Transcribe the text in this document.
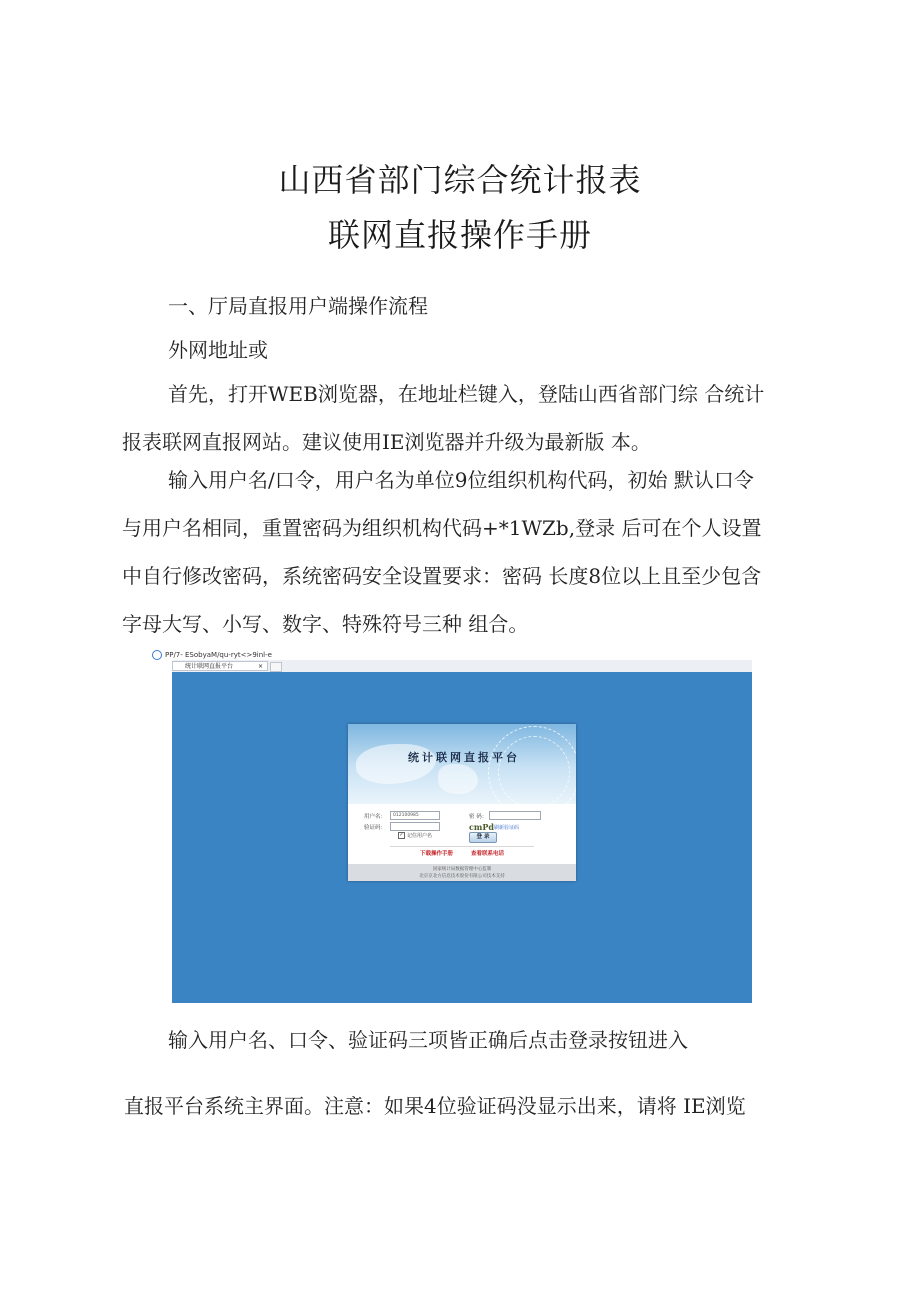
山西省部门综合统计报表
联网直报操作手册
一、厅局直报用户端操作流程
外网地址或
首先，打开WEB浏览器，在地址栏键入，登陆山西省部门综 合统计
报表联网直报网站。建议使用IE浏览器并升级为最新版 本。
输入用户名/口令，用户名为单位9位组织机构代码，初始 默认口令
与用户名相同，重置密码为组织机构代码+*1WZb,登录 后可在个人设置
中自行修改密码，系统密码安全设置要求：密码 长度8位以上且至少包含
字母大写、小写、数字、特殊符号三种 组合。
PP/7- ESobyaM/qu-ryt<>9inl-e
统计联网直报平台	×
统计联网直报平台
用户名：	012100985	密 码：
验证码：	cmPd 刷新验证码
✓ 记住用户名	登 录
下载操作手册	查看联系电话
国家统计局数据管理中心监制
北京京北方信息技术股份有限公司技术支持
输入用户名、口令、验证码三项皆正确后点击登录按钮进入
直报平台系统主界面。注意：如果4位验证码没显示出来，请将 IE浏览
